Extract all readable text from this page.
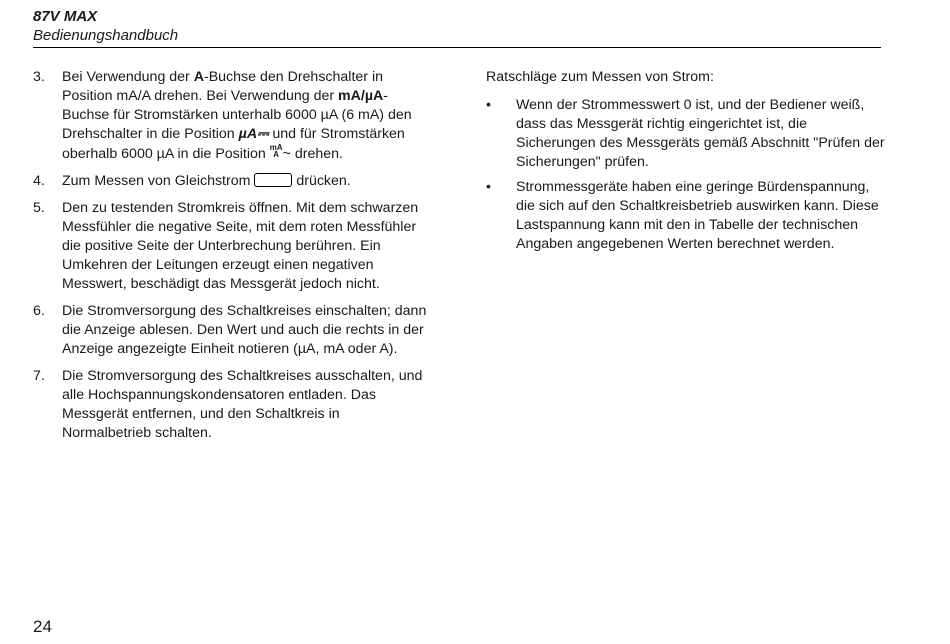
87V MAX
Bedienungshandbuch
3. Bei Verwendung der A-Buchse den Drehschalter in Position mA/A drehen. Bei Verwendung der mA/µA-Buchse für Stromstärken unterhalb 6000 µA (6 mA) den Drehschalter in die Position µA⎓ und für Stromstärken oberhalb 6000 µA in die Position mA
A ~ drehen.
4. Zum Messen von Gleichstrom	drücken.
5. Den zu testenden Stromkreis öffnen. Mit dem schwarzen Messfühler die negative Seite, mit dem roten Messfühler die positive Seite der Unterbrechung berühren. Ein Umkehren der Leitungen erzeugt einen negativen Messwert, beschädigt das Messgerät jedoch nicht.
6. Die Stromversorgung des Schaltkreises einschalten; dann die Anzeige ablesen. Den Wert und auch die rechts in der Anzeige angezeigte Einheit notieren (µA, mA oder A).
7. Die Stromversorgung des Schaltkreises ausschalten, und alle Hochspannungskondensatoren entladen. Das Messgerät entfernen, und den Schaltkreis in Normalbetrieb schalten.

Ratschläge zum Messen von Strom:

• Wenn der Strommesswert 0 ist, und der Bediener weiß, dass das Messgerät richtig eingerichtet ist, die Sicherungen des Messgeräts gemäß Abschnitt "Prüfen der Sicherungen" prüfen.
• Strommessgeräte haben eine geringe Bürdenspannung, die sich auf den Schaltkreisbetrieb auswirken kann. Diese Lastspannung kann mit den in Tabelle der technischen Angaben angegebenen Werten berechnet werden.
24
